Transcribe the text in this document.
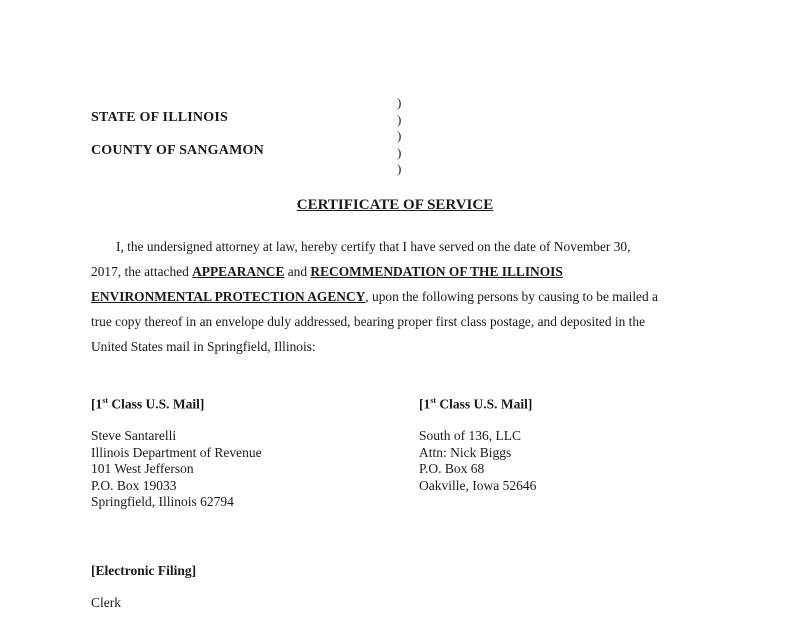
STATE OF ILLINOIS
COUNTY OF SANGAMON
)
)
)
)
)
CERTIFICATE OF SERVICE
I, the undersigned attorney at law, hereby certify that I have served on the date of November 30,
2017, the attached APPEARANCE and RECOMMENDATION OF THE ILLINOIS
ENVIRONMENTAL PROTECTION AGENCY, upon the following persons by causing to be mailed a
true copy thereof in an envelope duly addressed, bearing proper first class postage, and deposited in the
United States mail in Springfield, Illinois:
[1st Class U.S. Mail]
Steve Santarelli
Illinois Department of Revenue
101 West Jefferson
P.O. Box 19033
Springfield, Illinois 62794
[1st Class U.S. Mail]
South of 136, LLC
Attn: Nick Biggs
P.O. Box 68
Oakville, Iowa 52646
[Electronic Filing]
Clerk
